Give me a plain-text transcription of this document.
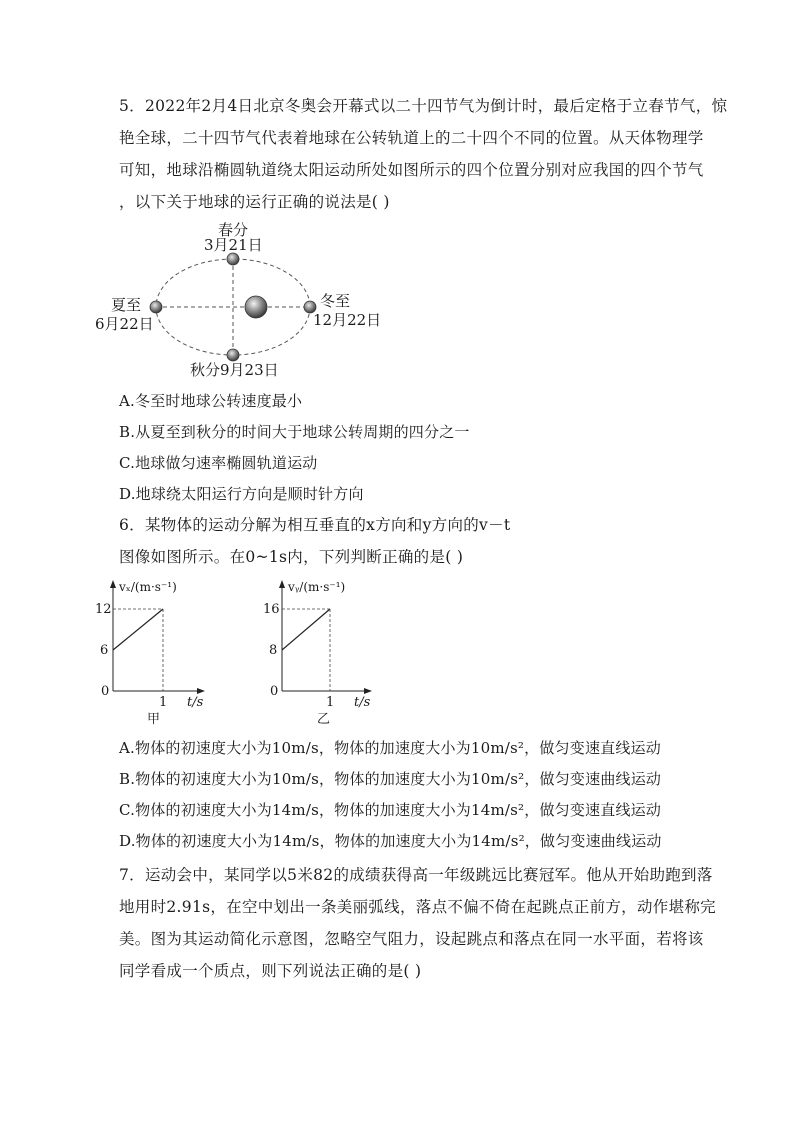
5．2022年2月4日北京冬奥会开幕式以二十四节气为倒计时，最后定格于立春节气，惊
艳全球，二十四节气代表着地球在公转轨道上的二十四个不同的位置。从天体物理学
可知，地球沿椭圆轨道绕太阳运动所处如图所示的四个位置分别对应我国的四个节气
，以下关于地球的运行正确的说法是( )
春分
3月21日
夏至
6月22日
冬至
12月22日
秋分9月23日
A.冬至时地球公转速度最小
B.从夏至到秋分的时间大于地球公转周期的四分之一
C.地球做匀速率椭圆轨道运动
D.地球绕太阳运行方向是顺时针方向
6．某物体的运动分解为相互垂直的x方向和y方向的v－t
图像如图所示。在0~1s内，下列判断正确的是( )
vₓ/(m·s⁻¹)
12
6
0
1 t/s
甲
vᵧ/(m·s⁻¹)
16
8
0
1 t/s
乙
A.物体的初速度大小为10m/s，物体的加速度大小为10m/s²，做匀变速直线运动
B.物体的初速度大小为10m/s，物体的加速度大小为10m/s²，做匀变速曲线运动
C.物体的初速度大小为14m/s，物体的加速度大小为14m/s²，做匀变速直线运动
D.物体的初速度大小为14m/s，物体的加速度大小为14m/s²，做匀变速曲线运动
7．运动会中，某同学以5米82的成绩获得高一年级跳远比赛冠军。他从开始助跑到落
地用时2.91s，在空中划出一条美丽弧线，落点不偏不倚在起跳点正前方，动作堪称完
美。图为其运动简化示意图，忽略空气阻力，设起跳点和落点在同一水平面，若将该
同学看成一个质点，则下列说法正确的是( )
